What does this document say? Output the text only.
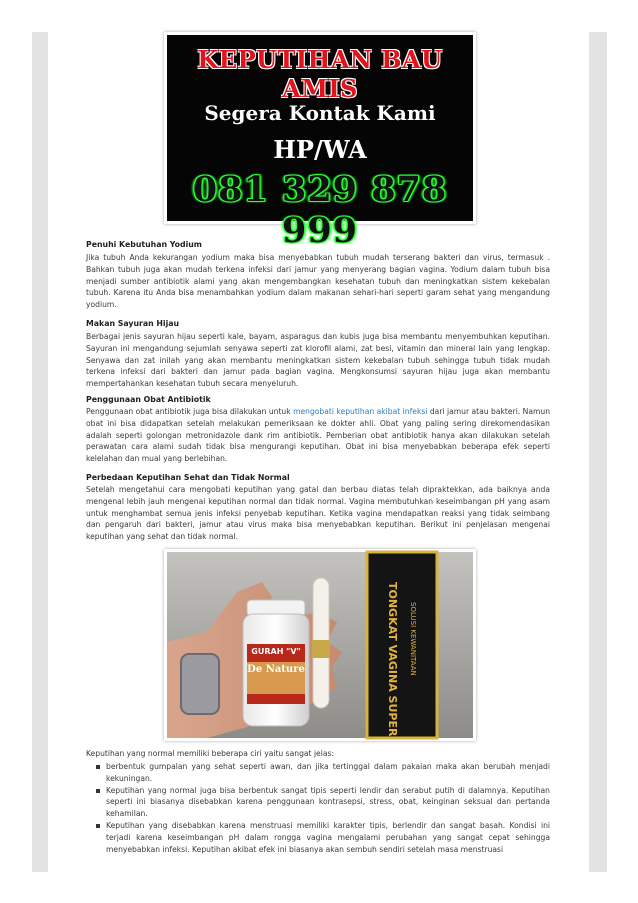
KEPUTIHAN BAU AMIS
Segera Kontak Kami
HP/WA
081 329 878 999
Penuhi Kebutuhan Yodium
Jika tubuh Anda kekurangan yodium maka bisa menyebabkan tubuh mudah terserang bakteri dan virus, termasuk . Bahkan tubuh juga akan mudah terkena infeksi dari jamur yang menyerang bagian vagina. Yodium dalam tubuh bisa menjadi sumber antibiotik alami yang akan mengembangkan kesehatan tubuh dan meningkatkan sistem kekebalan tubuh. Karena itu Anda bisa menambahkan yodium dalam makanan sehari-hari seperti garam sehat yang mengandung yodium.
Makan Sayuran Hijau
Berbagai jenis sayuran hijau seperti kale, bayam, asparagus dan kubis juga bisa membantu menyembuhkan keputihan. Sayuran ini mengandung sejumlah senyawa seperti zat klorofil alami, zat besi, vitamin dan mineral lain yang lengkap. Senyawa dan zat inilah yang akan membantu meningkatkan sistem kekebalan tubuh sehingga tubuh tidak mudah terkena infeksi dari bakteri dan jamur pada bagian vagina. Mengkonsumsi sayuran hijau juga akan membantu mempertahankan kesehatan tubuh secara menyeluruh.
Penggunaan Obat Antibiotik
Penggunaan obat antibiotik juga bisa dilakukan untuk mengobati keputihan akibat infeksi dari jamur atau bakteri. Namun obat ini bisa didapatkan setelah melakukan pemeriksaan ke dokter ahli. Obat yang paling sering direkomendasikan adalah seperti golongan metronidazole dank rim antibiotik. Pemberian obat antibiotik hanya akan dilakukan setelah perawatan cara alami sudah tidak bisa mengurangi keputihan. Obat ini bisa menyebabkan beberapa efek seperti kelelahan dan mual yang berlebihan.
Perbedaan Keputihan Sehat dan Tidak Normal
Setelah mengetahui cara mengobati keputihan yang gatal dan berbau diatas telah dipraktekkan, ada baiknya anda mengenal lebih jauh mengenai keputihan normal dan tidak normal. Vagina membutuhkan keseimbangan pH yang asam untuk menghambat semua jenis infeksi penyebab keputihan. Ketika vagina mendapatkan reaksi yang tidak seimbang dan pengaruh dari bakteri, jamur atau virus maka bisa menyebabkan keputihan. Berikut ini penjelasan mengenai keputihan yang sehat dan tidak normal.
GURAH "V"
De Nature	TONGKAT VAGINA SUPER SOLUSI KEWANITAAN
Keputihan yang normal memiliki beberapa ciri yaitu sangat jelas:
berbentuk gumpalan yang sehat seperti awan, dan jika tertinggal dalam pakaian maka akan berubah menjadi kekuningan.
Keputihan yang normal juga bisa berbentuk sangat tipis seperti lendir dan serabut putih di dalamnya. Keputihan seperti ini biasanya disebabkan karena penggunaan kontrasepsi, stress, obat, keinginan seksual dan pertanda kehamilan.
Keputihan yang disebabkan karena menstruasi memiliki karakter tipis, berlendir dan sangat basah. Kondisi ini terjadi karena keseimbangan pH dalam rongga vagina mengalami perubahan yang sangat cepat sehingga menyebabkan infeksi. Keputihan akibat efek ini biasanya akan sembuh sendiri setelah masa menstruasi
